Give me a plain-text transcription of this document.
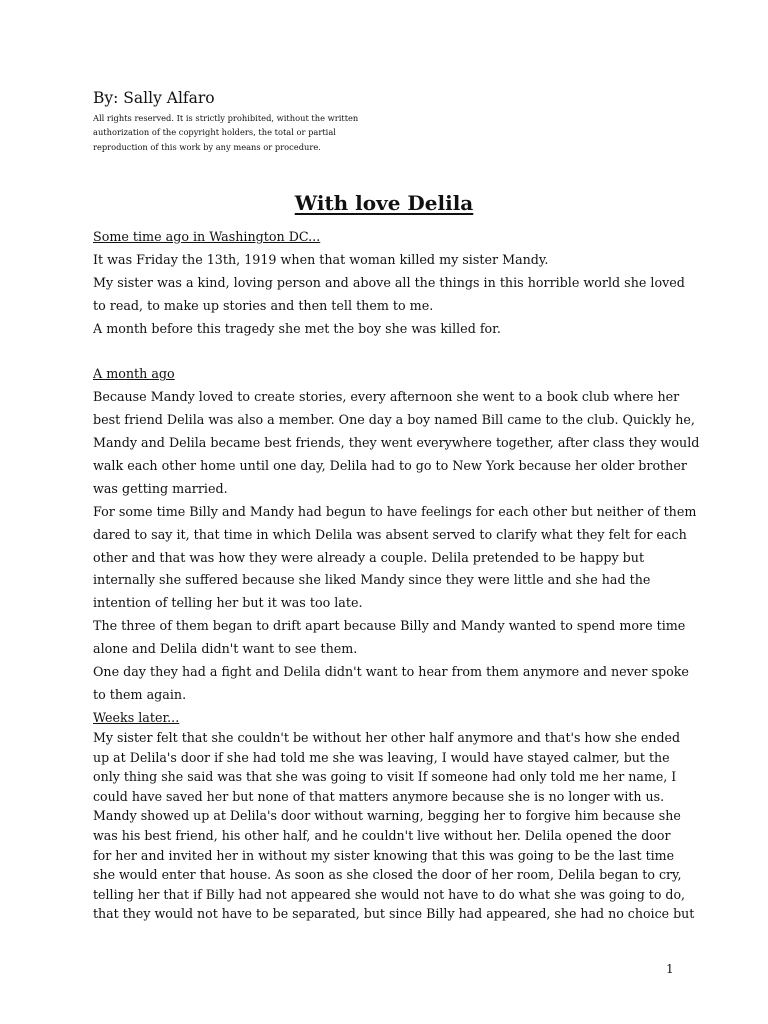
By: Sally Alfaro

All rights reserved. It is strictly prohibited, without the written
authorization of the copyright holders, the total or partial
reproduction of this work by any means or procedure.
With love Delila
Some time ago in Washington DC...
It was Friday the 13th, 1919 when that woman killed my sister Mandy.
My sister was a kind, loving person and above all the things in this horrible world she loved
to read, to make up stories and then tell them to me.
A month before this tragedy she met the boy she was killed for.
A month ago
Because Mandy loved to create stories, every afternoon she went to a book club where her
best friend Delila was also a member. One day a boy named Bill came to the club. Quickly he,
Mandy and Delila became best friends, they went everywhere together, after class they would
walk each other home until one day, Delila had to go to New York because her older brother
was getting married.
For some time Billy and Mandy had begun to have feelings for each other but neither of them
dared to say it, that time in which Delila was absent served to clarify what they felt for each
other and that was how they were already a couple. Delila pretended to be happy but
internally she suffered because she liked Mandy since they were little and she had the
intention of telling her but it was too late.
The three of them began to drift apart because Billy and Mandy wanted to spend more time
alone and Delila didn't want to see them.
One day they had a fight and Delila didn't want to hear from them anymore and never spoke
to them again.
Weeks later...
My sister felt that she couldn't be without her other half anymore and that's how she ended
up at Delila's door if she had told me she was leaving, I would have stayed calmer, but the
only thing she said was that she was going to visit If someone had only told me her name, I
could have saved her but none of that matters anymore because she is no longer with us.
Mandy showed up at Delila's door without warning, begging her to forgive him because she
was his best friend, his other half, and he couldn't live without her. Delila opened the door
for her and invited her in without my sister knowing that this was going to be the last time
she would enter that house. As soon as she closed the door of her room, Delila began to cry,
telling her that if Billy had not appeared she would not have to do what she was going to do,
that they would not have to be separated, but since Billy had appeared, she had no choice but
1
